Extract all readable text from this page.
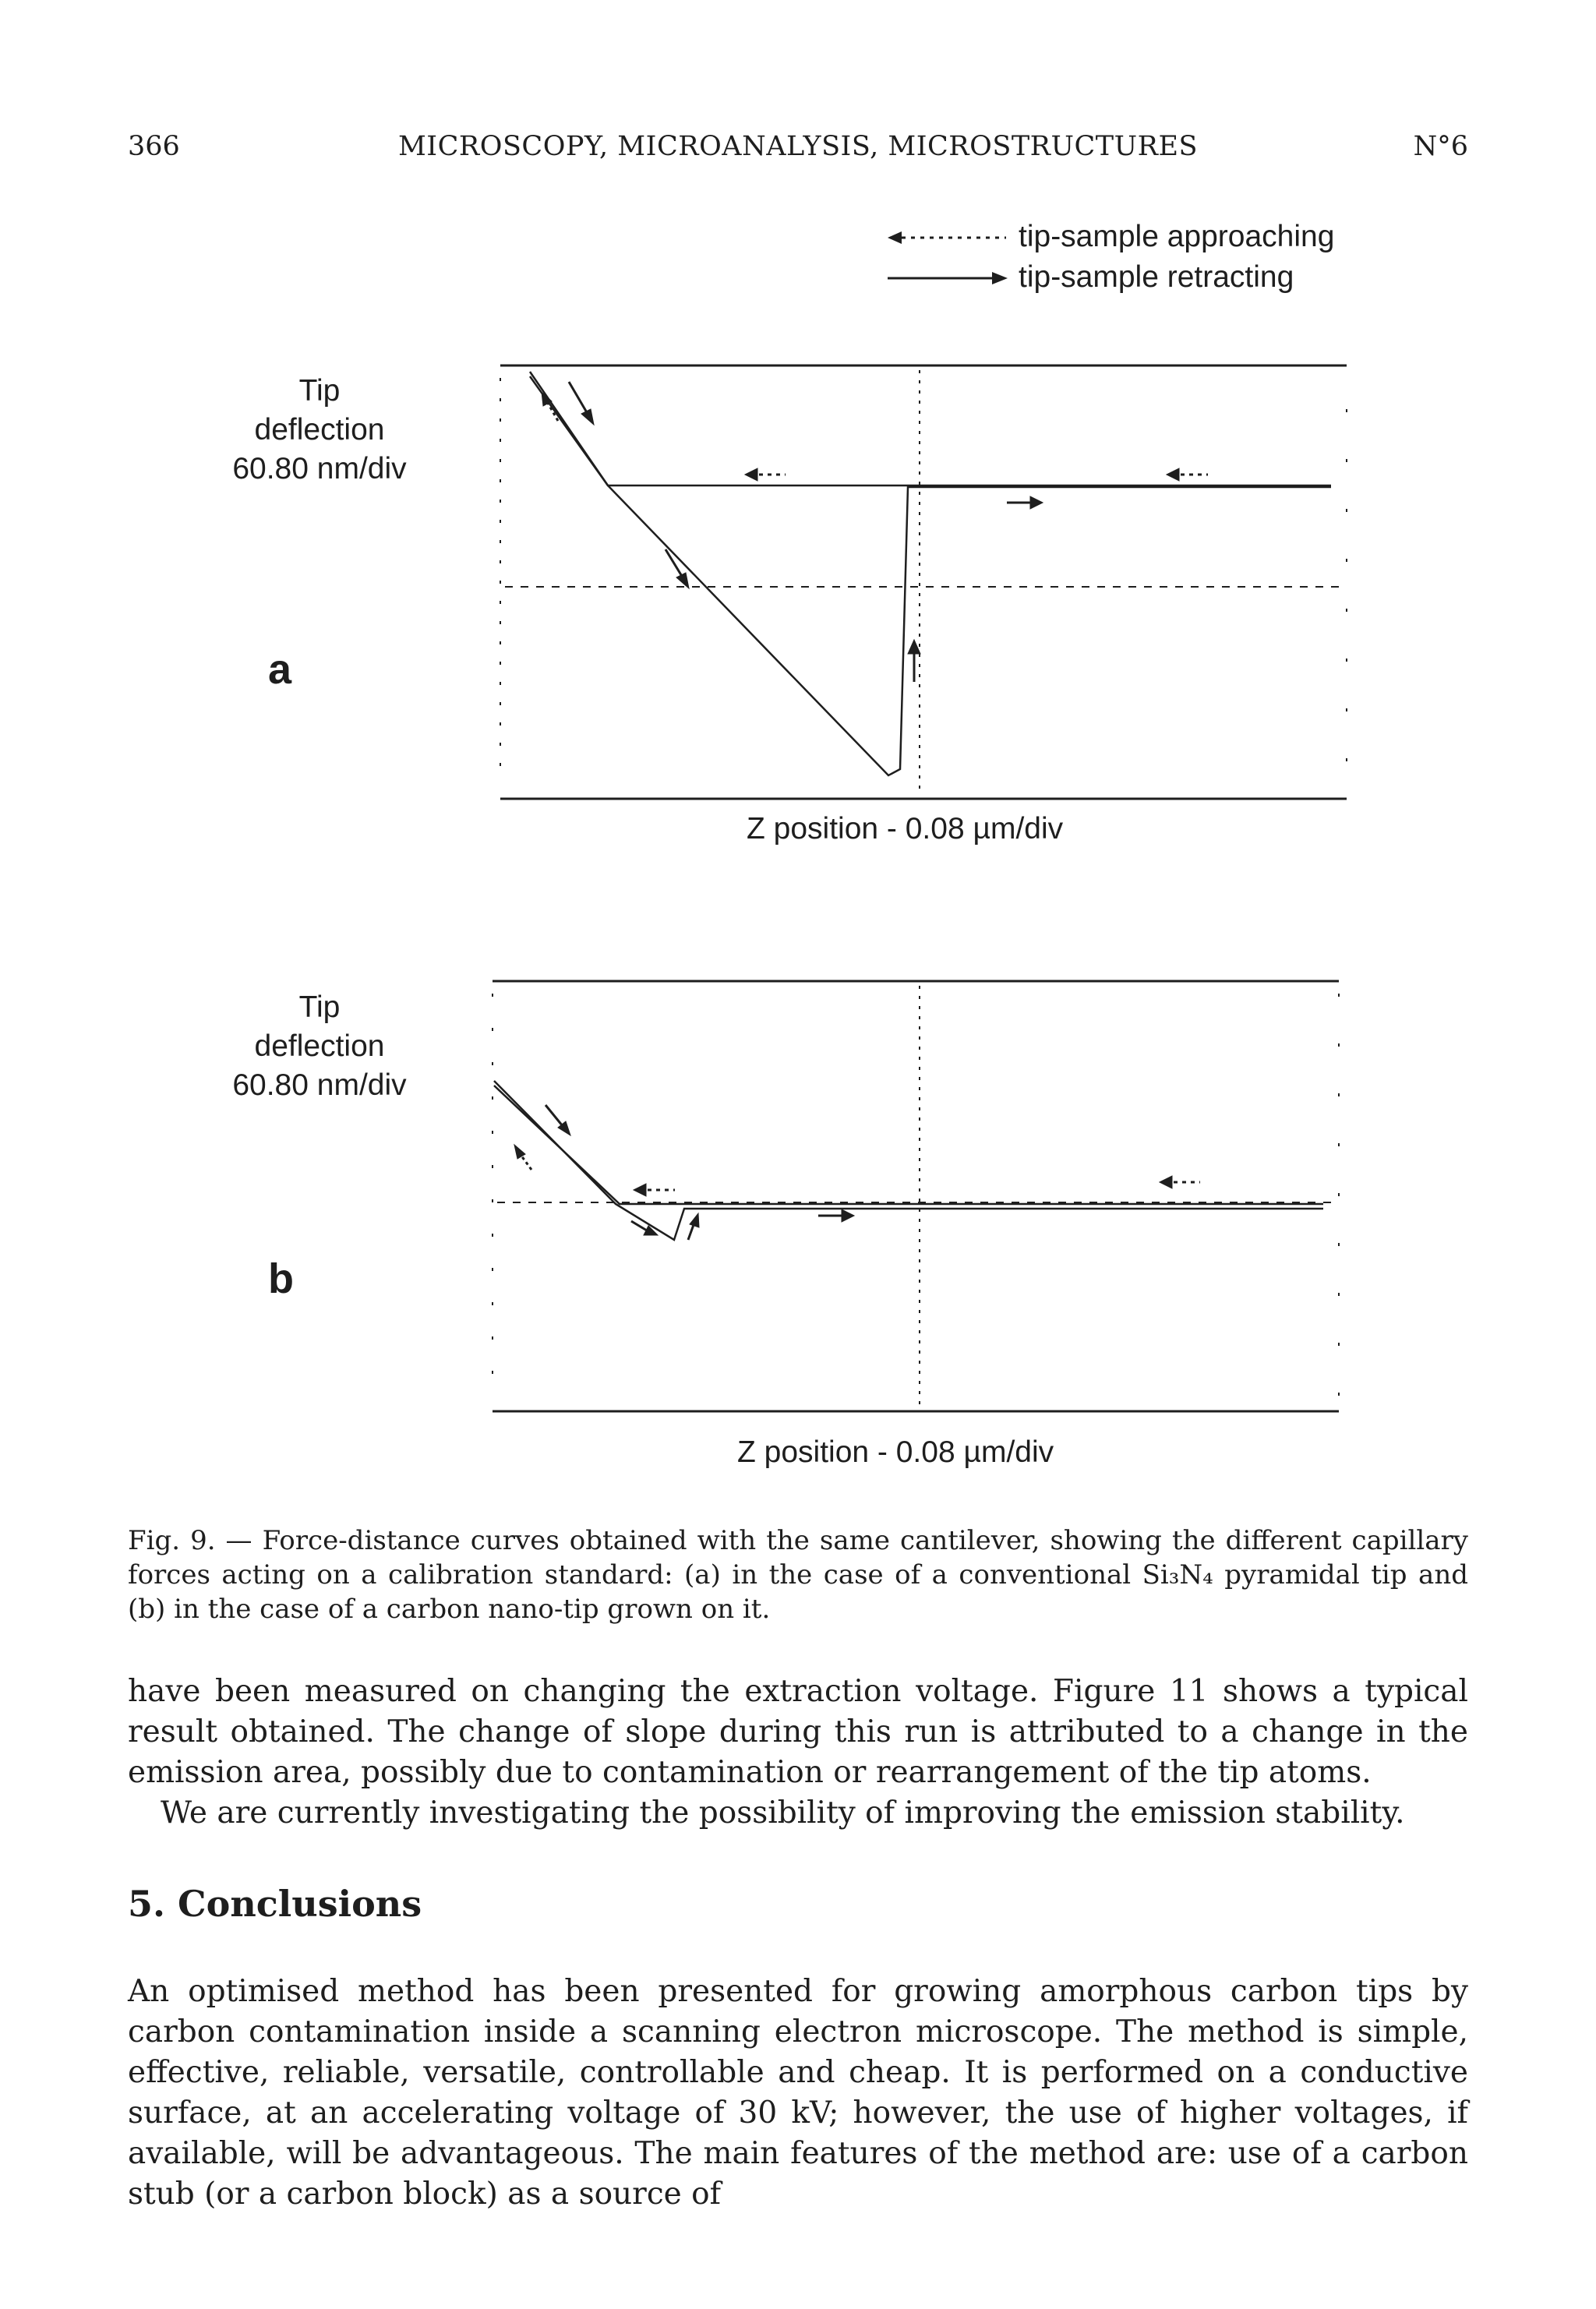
366	MICROSCOPY, MICROANALYSIS, MICROSTRUCTURES	N°6
tip-sample approaching
tip-sample retracting
Tip
deflection
60.80 nm/div
a
Z position - 0.08 µm/div
Tip
deflection
60.80 nm/div
b
Z position - 0.08 µm/div
Fig. 9. — Force-distance curves obtained with the same cantilever, showing the different capillary forces acting on a calibration standard: (a) in the case of a conventional Si₃N₄ pyramidal tip and (b) in the case of a carbon nano-tip grown on it.

have been measured on changing the extraction voltage. Figure 11 shows a typical result obtained. The change of slope during this run is attributed to a change in the emission area, possibly due to contamination or rearrangement of the tip atoms.

We are currently investigating the possibility of improving the emission stability.

5. Conclusions

An optimised method has been presented for growing amorphous carbon tips by carbon contamination inside a scanning electron microscope. The method is simple, effective, reliable, versatile, controllable and cheap. It is performed on a conductive surface, at an accelerating voltage of 30 kV; however, the use of higher voltages, if available, will be advantageous. The main features of the method are: use of a carbon stub (or a carbon block) as a source of
